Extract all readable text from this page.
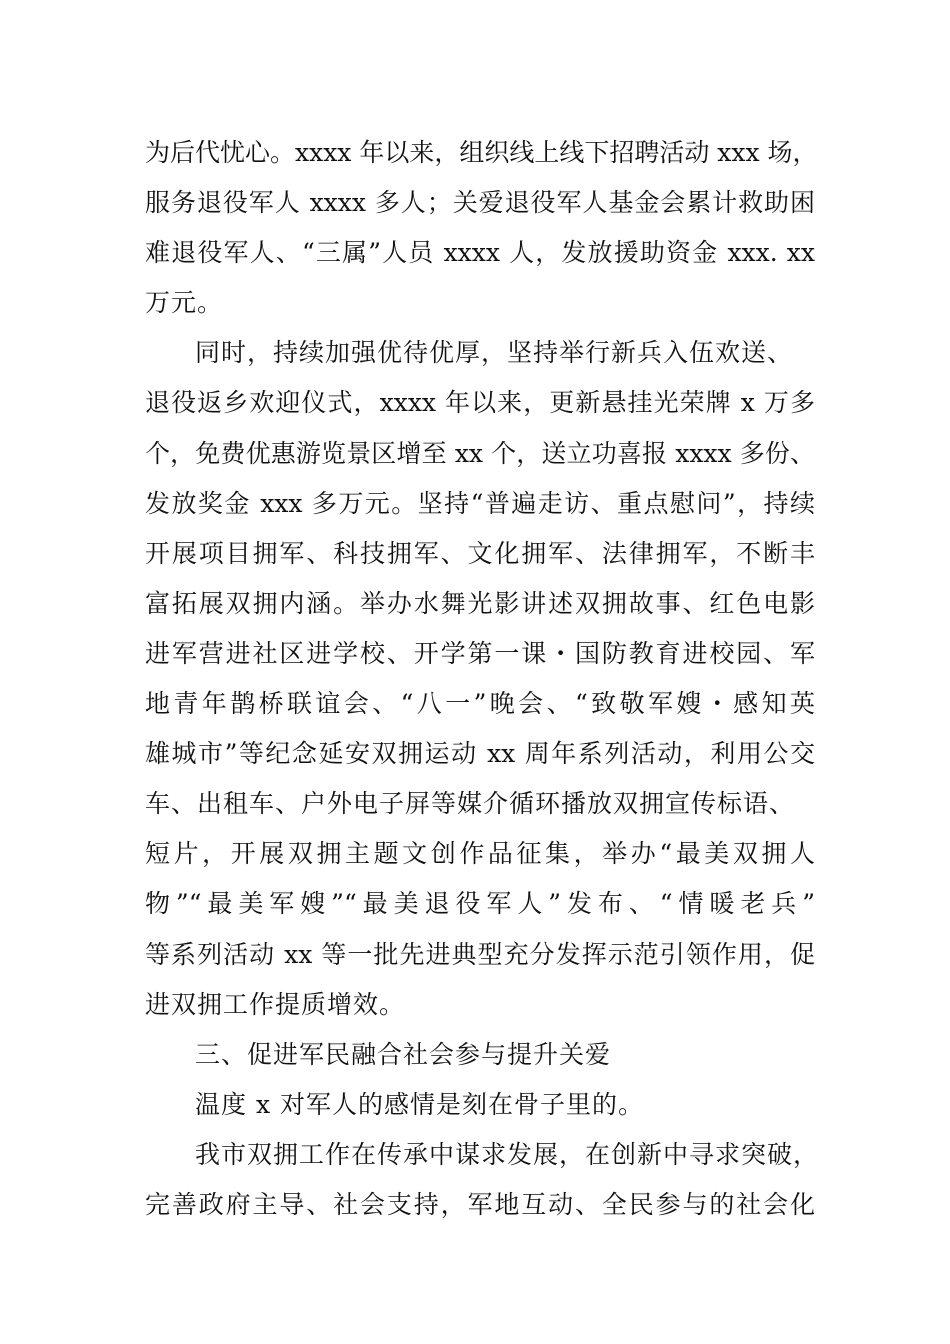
为后代忧心。xxxx 年以来，组织线上线下招聘活动 xxx 场，
服务退役军人 xxxx 多人；关爱退役军人基金会累计救助困
难退役军人、“三属”人员 xxxx 人，发放援助资金 xxx. xx
万元。
同时，持续加强优待优厚，坚持举行新兵入伍欢送、
退役返乡欢迎仪式，xxxx 年以来，更新悬挂光荣牌 x 万多
个，免费优惠游览景区增至 xx 个，送立功喜报 xxxx 多份、
发放奖金 xxx 多万元。坚持“普遍走访、重点慰问”，持续
开展项目拥军、科技拥军、文化拥军、法律拥军，不断丰
富拓展双拥内涵。举办水舞光影讲述双拥故事、红色电影
进军营进社区进学校、开学第一课・国防教育进校园、军
地青年鹊桥联谊会、“八一”晚会、“致敬军嫂・感知英
雄城市”等纪念延安双拥运动 xx 周年系列活动，利用公交
车、出租车、户外电子屏等媒介循环播放双拥宣传标语、
短片，开展双拥主题文创作品征集，举办“最美双拥人
物”“最美军嫂”“最美退役军人”发布、“情暖老兵”
等系列活动 xx 等一批先进典型充分发挥示范引领作用，促
进双拥工作提质增效。
三、促进军民融合社会参与提升关爱
温度 x 对军人的感情是刻在骨子里的。
我市双拥工作在传承中谋求发展，在创新中寻求突破，
完善政府主导、社会支持，军地互动、全民参与的社会化
